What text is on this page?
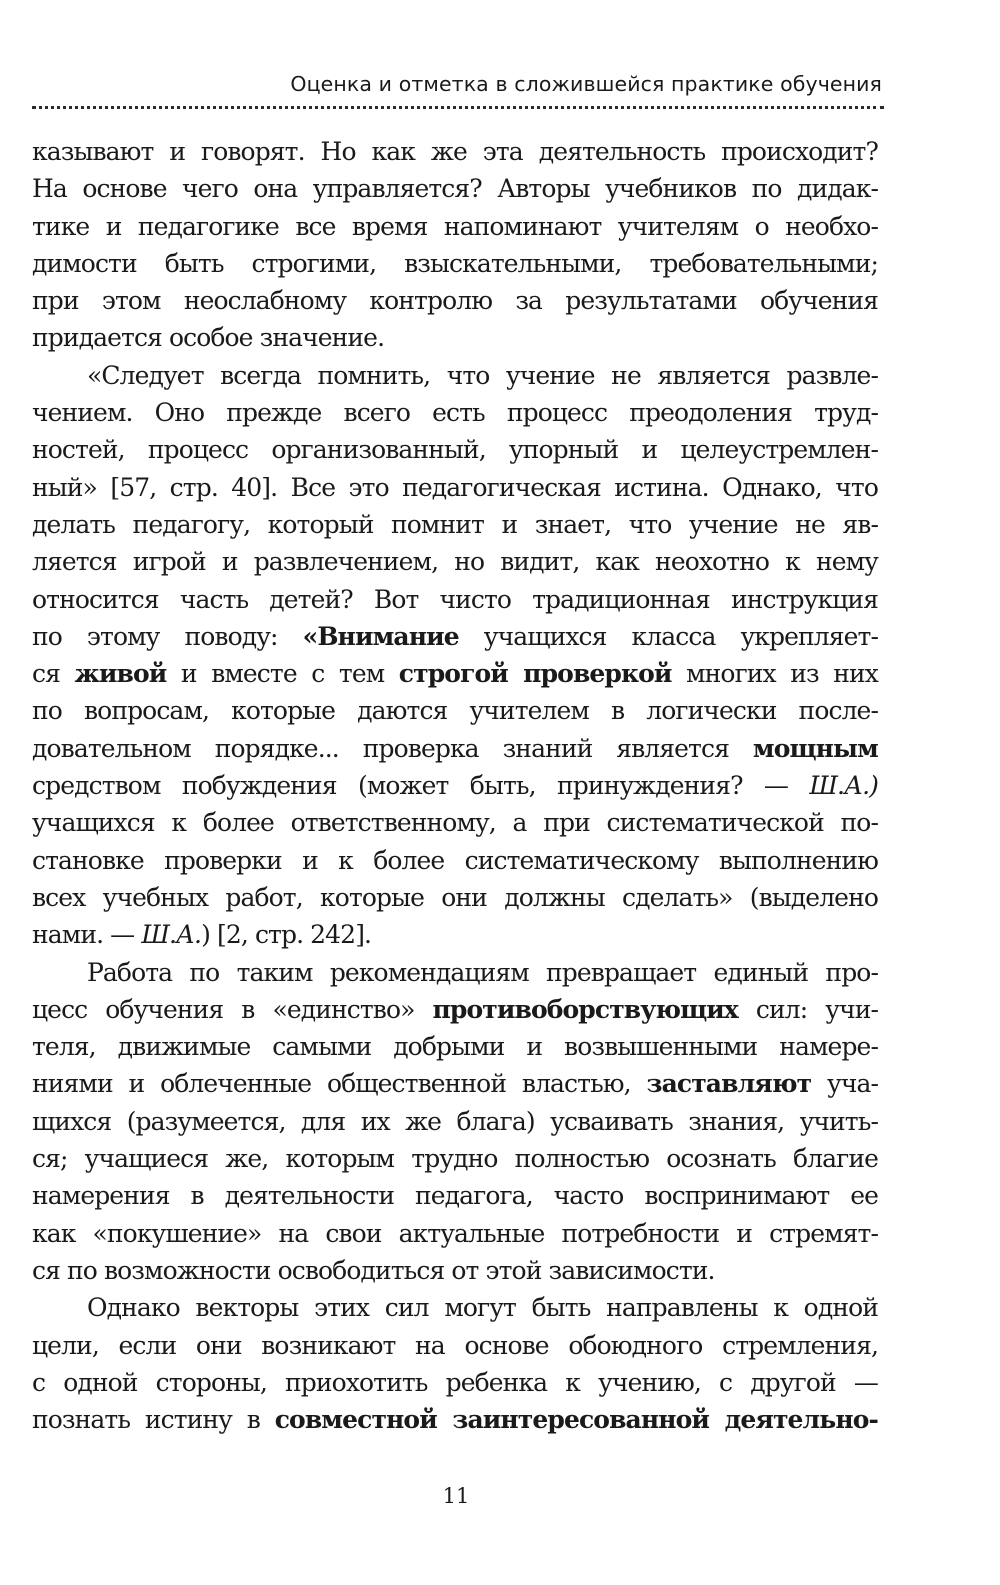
Оценка и отметка в сложившейся практике обучения

казывают и говорят. Но как же эта деятельность происходит?
На основе чего она управляется? Авторы учебников по дидак-
тике и педагогике все время напоминают учителям о необхо-
димости быть строгими, взыскательными, требовательными;
при этом неослабному контролю за результатами обучения
придается особое значение.

«Следует всегда помнить, что учение не является развле-
чением. Оно прежде всего есть процесс преодоления труд-
ностей, процесс организованный, упорный и целеустремлен-
ный» [57, стр. 40]. Все это педагогическая истина. Однако, что
делать педагогу, который помнит и знает, что учение не яв-
ляется игрой и развлечением, но видит, как неохотно к нему
относится часть детей? Вот чисто традиционная инструкция
по этому поводу: «Внимание учащихся класса укрепляет-
ся живой и вместе с тем строгой проверкой многих из них
по вопросам, которые даются учителем в логически после-
довательном порядке... проверка знаний является мощным
средством побуждения (может быть, принуждения? — Ш.А.)
учащихся к более ответственному, а при систематической по-
становке проверки и к более систематическому выполнению
всех учебных работ, которые они должны сделать» (выделено
нами. — Ш.А.) [2, стр. 242].

Работа по таким рекомендациям превращает единый про-
цесс обучения в «единство» противоборствующих сил: учи-
теля, движимые самыми добрыми и возвышенными намере-
ниями и облеченные общественной властью, заставляют уча-
щихся (разумеется, для их же блага) усваивать знания, учить-
ся; учащиеся же, которым трудно полностью осознать благие
намерения в деятельности педагога, часто воспринимают ее
как «покушение» на свои актуальные потребности и стремят-
ся по возможности освободиться от этой зависимости.

Однако векторы этих сил могут быть направлены к одной
цели, если они возникают на основе обоюдного стремления,
с одной стороны, приохотить ребенка к учению, с другой —
познать истину в совместной заинтересованной деятельно-

11
